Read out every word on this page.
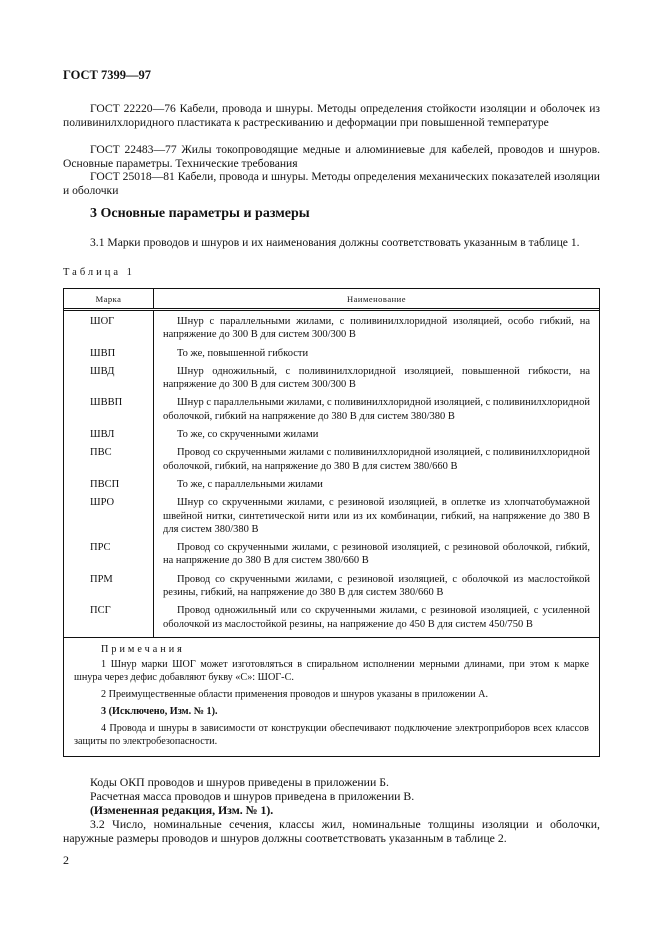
ГОСТ 7399—97
ГОСТ 22220—76 Кабели, провода и шнуры. Методы определения стойкости изоляции и оболочек из поливинилхлоридного пластиката к растрескиванию и деформации при повышенной температуре
ГОСТ 22483—77 Жилы токопроводящие медные и алюминиевые для кабелей, проводов и шнуров. Основные параметры. Технические требования
ГОСТ 25018—81 Кабели, провода и шнуры. Методы определения механических показателей изоляции и оболочки
3 Основные параметры и размеры
3.1 Марки проводов и шнуров и их наименования должны соответствовать указанным в таблице 1.
Таблица 1
Марка	Наименование
ШОГ	Шнур с параллельными жилами, с поливинилхлоридной изоляцией, особо гибкий, на напряжение до 300 В для систем 300/300 В
ШВП	То же, повышенной гибкости
ШВД	Шнур одножильный, с поливинилхлоридной изоляцией, повышенной гибкости, на напряжение до 300 В для систем 300/300 В
ШВВП	Шнур с параллельными жилами, с поливинилхлоридной изоляцией, с поливинилхлоридной оболочкой, гибкий на напряжение до 380 В для систем 380/380 В
ШВЛ	То же, со скрученными жилами
ПВС	Провод со скрученными жилами с поливинилхлоридной изоляцией, с поливинилхлоридной оболочкой, гибкий, на напряжение до 380 В для систем 380/660 В
ПВСП	То же, с параллельными жилами
ШРО	Шнур со скрученными жилами, с резиновой изоляцией, в оплетке из хлопчатобумажной швейной нитки, синтетической нити или из их комбинации, гибкий, на напряжение до 380 В для систем 380/380 В
ПРС	Провод со скрученными жилами, с резиновой изоляцией, с резиновой оболочкой, гибкий, на напряжение до 380 В для систем 380/660 В
ПРМ	Провод со скрученными жилами, с резиновой изоляцией, с оболочкой из маслостойкой резины, гибкий, на напряжение до 380 В для систем 380/660 В
ПСГ	Провод одножильный или со скрученными жилами, с резиновой изоляцией, с усиленной оболочкой из маслостойкой резины, на напряжение до 450 В для систем 450/750 В
Примечания
1 Шнур марки ШОГ может изготовляться в спиральном исполнении мерными длинами, при этом к марке шнура через дефис добавляют букву «С»: ШОГ-С.
2 Преимущественные области применения проводов и шнуров указаны в приложении А.
3 (Исключено, Изм. № 1).
4 Провода и шнуры в зависимости от конструкции обеспечивают подключение электроприборов всех классов защиты по электробезопасности.
Коды ОКП проводов и шнуров приведены в приложении Б.
Расчетная масса проводов и шнуров приведена в приложении В.
(Измененная редакция, Изм. № 1).
3.2 Число, номинальные сечения, классы жил, номинальные толщины изоляции и оболочки, наружные размеры проводов и шнуров должны соответствовать указанным в таблице 2.
2
